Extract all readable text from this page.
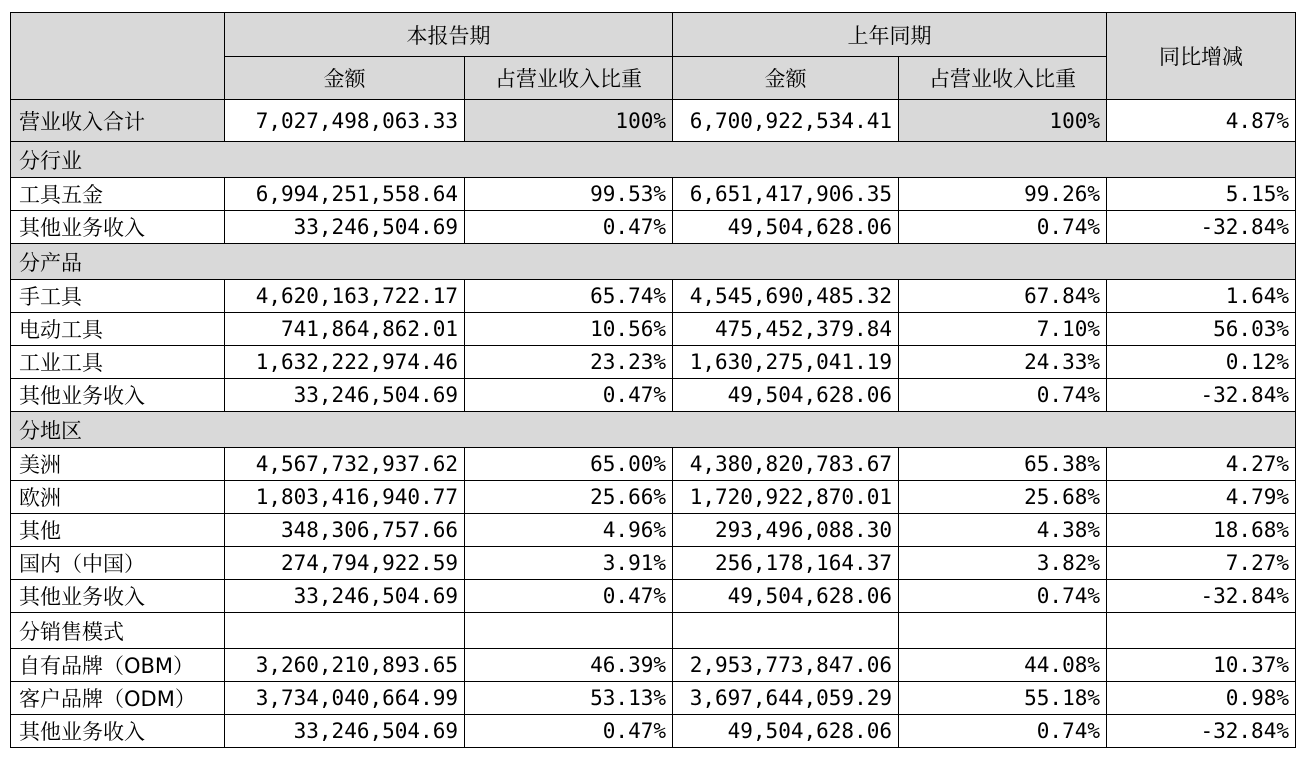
	本报告期		上年同期		同比增减
	金额	占营业收入比重	金额	占营业收入比重	
营业收入合计	7,027,498,063.33	100%	6,700,922,534.41	100%	4.87%
分行业					
工具五金	6,994,251,558.64	99.53%	6,651,417,906.35	99.26%	5.15%
其他业务收入	33,246,504.69	0.47%	49,504,628.06	0.74%	-32.84%
分产品					
手工具	4,620,163,722.17	65.74%	4,545,690,485.32	67.84%	1.64%
电动工具	741,864,862.01	10.56%	475,452,379.84	7.10%	56.03%
工业工具	1,632,222,974.46	23.23%	1,630,275,041.19	24.33%	0.12%
其他业务收入	33,246,504.69	0.47%	49,504,628.06	0.74%	-32.84%
分地区					
美洲	4,567,732,937.62	65.00%	4,380,820,783.67	65.38%	4.27%
欧洲	1,803,416,940.77	25.66%	1,720,922,870.01	25.68%	4.79%
其他	348,306,757.66	4.96%	293,496,088.30	4.38%	18.68%
国内（中国）	274,794,922.59	3.91%	256,178,164.37	3.82%	7.27%
其他业务收入	33,246,504.69	0.47%	49,504,628.06	0.74%	-32.84%
分销售模式					
自有品牌（OBM）	3,260,210,893.65	46.39%	2,953,773,847.06	44.08%	10.37%
客户品牌（ODM）	3,734,040,664.99	53.13%	3,697,644,059.29	55.18%	0.98%
其他业务收入	33,246,504.69	0.47%	49,504,628.06	0.74%	-32.84%
